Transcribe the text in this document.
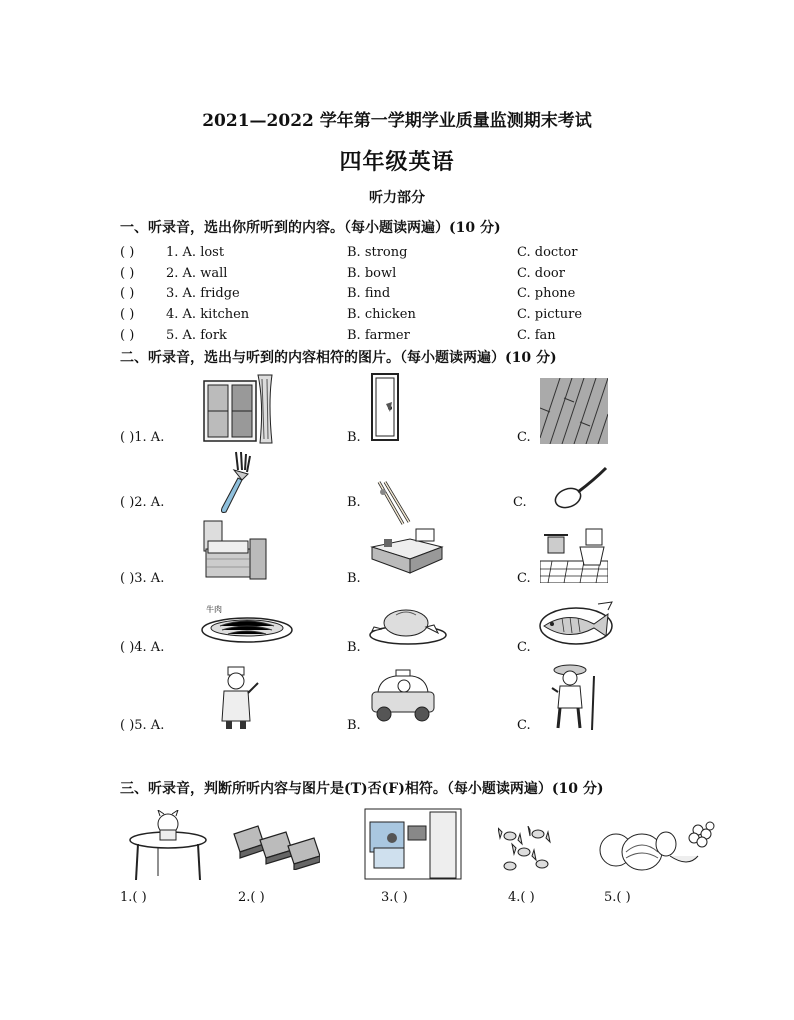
2021—2022 学年第一学期学业质量监测期末考试
四年级英语
听力部分
一、听录音，选出你所听到的内容。（每小题读两遍）(10 分)
( ) 1. A. lost	B. strong	C. doctor
( ) 2. A. wall	B. bowl	C. door
( ) 3. A. fridge	B. find	C. phone
( ) 4. A. kitchen	B. chicken	C. picture
( ) 5. A. fork	B. farmer	C. fan
二、听录音，选出与听到的内容相符的图片。（每小题读两遍）(10 分)
( )1. A.	B.	C.
( )2. A.	B.	C.
( )3. A.	B.	C.
( )4. A.	B.	C.
牛肉
( )5. A.	B.	C.
三、听录音，判断所听内容与图片是(T)否(F)相符。（每小题读两遍）(10 分)
1.( )	2.( )	3.( )	4.( )	5.( )
